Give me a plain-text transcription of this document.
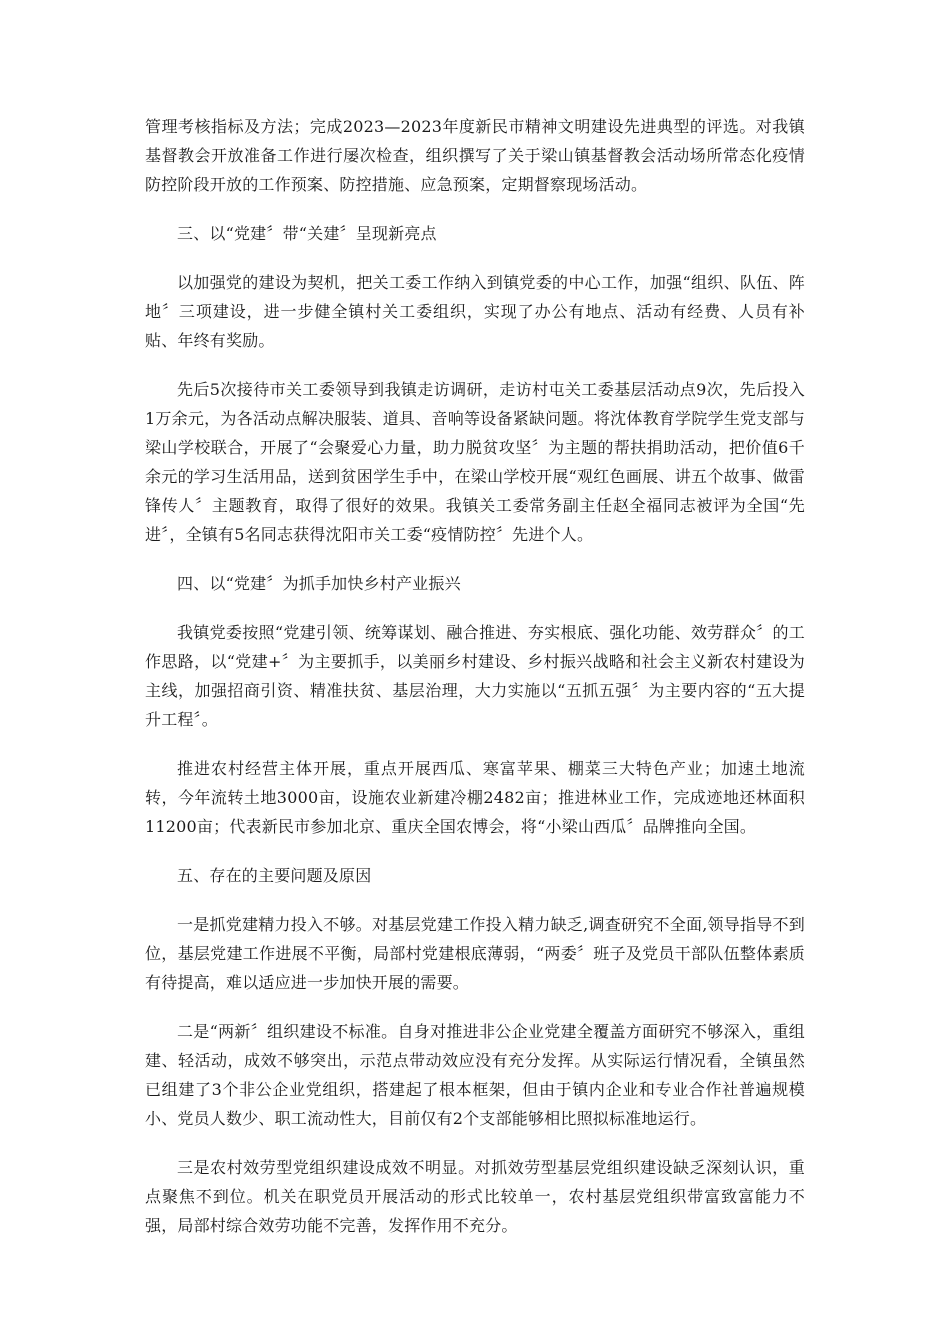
管理考核指标及方法；完成2023—2023年度新民市精神文明建设先进典型的评选。对我镇基督教会开放准备工作进行屡次检查，组织撰写了关于梁山镇基督教会活动场所常态化疫情防控阶段开放的工作预案、防控措施、应急预案，定期督察现场活动。

三、以“党建〞带“关建〞呈现新亮点

以加强党的建设为契机，把关工委工作纳入到镇党委的中心工作，加强“组织、队伍、阵地〞三项建设，进一步健全镇村关工委组织，实现了办公有地点、活动有经费、人员有补贴、年终有奖励。

先后5次接待市关工委领导到我镇走访调研，走访村屯关工委基层活动点9次，先后投入1万余元，为各活动点解决服装、道具、音响等设备紧缺问题。将沈体教育学院学生党支部与梁山学校联合，开展了“会聚爱心力量，助力脱贫攻坚〞为主题的帮扶捐助活动，把价值6千余元的学习生活用品，送到贫困学生手中，在梁山学校开展“观红色画展、讲五个故事、做雷锋传人〞主题教育，取得了很好的效果。我镇关工委常务副主任赵全福同志被评为全国“先进〞，全镇有5名同志获得沈阳市关工委“疫情防控〞先进个人。

四、以“党建〞为抓手加快乡村产业振兴

我镇党委按照“党建引领、统筹谋划、融合推进、夯实根底、强化功能、效劳群众〞的工作思路，以“党建+〞为主要抓手，以美丽乡村建设、乡村振兴战略和社会主义新农村建设为主线，加强招商引资、精准扶贫、基层治理，大力实施以“五抓五强〞为主要内容的“五大提升工程〞。

推进农村经营主体开展，重点开展西瓜、寒富苹果、棚菜三大特色产业；加速土地流转，今年流转土地3000亩，设施农业新建冷棚2482亩；推进林业工作，完成迹地还林面积11200亩；代表新民市参加北京、重庆全国农博会，将“小梁山西瓜〞品牌推向全国。

五、存在的主要问题及原因

一是抓党建精力投入不够。对基层党建工作投入精力缺乏,调查研究不全面,领导指导不到位，基层党建工作进展不平衡，局部村党建根底薄弱，“两委〞班子及党员干部队伍整体素质有待提高，难以适应进一步加快开展的需要。

二是“两新〞组织建设不标准。自身对推进非公企业党建全覆盖方面研究不够深入，重组建、轻活动，成效不够突出，示范点带动效应没有充分发挥。从实际运行情况看，全镇虽然已组建了3个非公企业党组织，搭建起了根本框架，但由于镇内企业和专业合作社普遍规模小、党员人数少、职工流动性大，目前仅有2个支部能够相比照拟标准地运行。

三是农村效劳型党组织建设成效不明显。对抓效劳型基层党组织建设缺乏深刻认识，重点聚焦不到位。机关在职党员开展活动的形式比较单一，农村基层党组织带富致富能力不强，局部村综合效劳功能不完善，发挥作用不充分。
